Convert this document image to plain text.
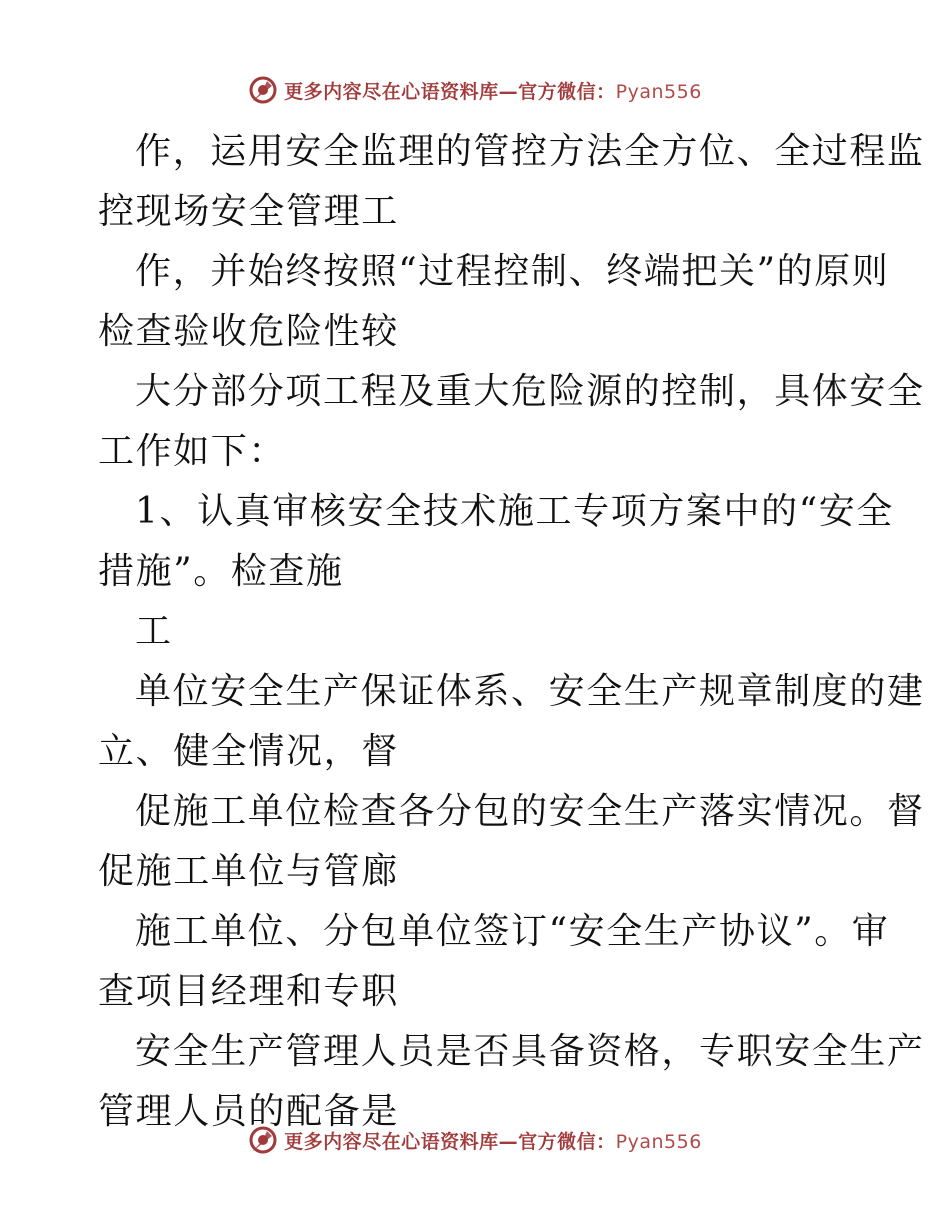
更多内容尽在心语资料库—官方微信：Pyan556
作，运用安全监理的管控方法全方位、全过程监
控现场安全管理工
作，并始终按照“过程控制、终端把关”的原则
检查验收危险性较
大分部分项工程及重大危险源的控制，具体安全
工作如下：
1、认真审核安全技术施工专项方案中的“安全
措施”。检查施
工
单位安全生产保证体系、安全生产规章制度的建
立、健全情况，督
促施工单位检查各分包的安全生产落实情况。督
促施工单位与管廊
施工单位、分包单位签订“安全生产协议”。审
查项目经理和专职
安全生产管理人员是否具备资格，专职安全生产
管理人员的配备是
更多内容尽在心语资料库—官方微信：Pyan556
